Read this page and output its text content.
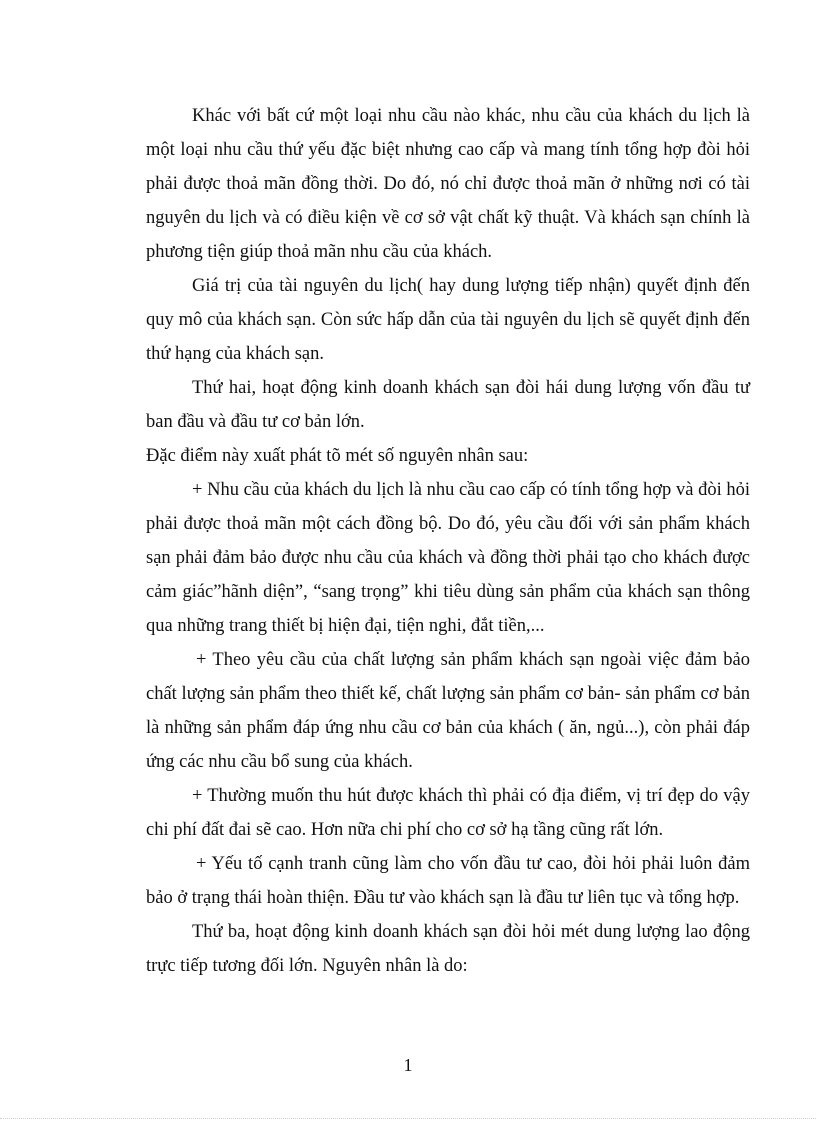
Khác với bất cứ một loại nhu cầu nào khác, nhu cầu của khách du lịch là một loại nhu cầu thứ yếu đặc biệt nhưng cao cấp và mang tính tổng hợp đòi hỏi phải được thoả mãn đồng thời. Do đó, nó chỉ được thoả mãn ở những nơi có tài nguyên du lịch và có điều kiện về cơ sở vật chất kỹ thuật. Và khách sạn chính là phương tiện giúp thoả mãn nhu cầu của khách.

Giá trị của tài nguyên du lịch( hay dung lượng tiếp nhận) quyết định đến quy mô của khách sạn. Còn sức hấp dẫn của tài nguyên du lịch sẽ quyết định đến thứ hạng của khách sạn.

Thứ hai, hoạt động kinh doanh khách sạn đòi hái dung lượng vốn đầu tư ban đầu và đầu tư cơ bản lớn.

Đặc điểm này xuất phát tõ mét số nguyên nhân sau:

+ Nhu cầu của khách du lịch là nhu cầu cao cấp có tính tổng hợp và đòi hỏi phải được thoả mãn một cách đồng bộ. Do đó, yêu cầu đối với sản phẩm khách sạn phải đảm bảo được nhu cầu của khách và đồng thời phải tạo cho khách được cảm giác”hãnh diện”, “sang trọng” khi tiêu dùng sản phẩm của khách sạn thông qua những trang thiết bị hiện đại, tiện nghi, đắt tiền,...

+ Theo yêu cầu của chất lượng sản phẩm khách sạn ngoài việc đảm bảo chất lượng sản phẩm theo thiết kế, chất lượng sản phẩm cơ bản- sản phẩm cơ bản là những sản phẩm đáp ứng nhu cầu cơ bản của khách ( ăn, ngủ...), còn phải đáp ứng các nhu cầu bổ sung của khách.

+ Thường muốn thu hút được khách thì phải có địa điểm, vị trí đẹp do vậy chi phí đất đai sẽ cao. Hơn nữa chi phí cho cơ sở hạ tầng cũng rất lớn.

+ Yếu tố cạnh tranh cũng làm cho vốn đầu tư cao, đòi hỏi phải luôn đảm bảo ở trạng thái hoàn thiện. Đầu tư vào khách sạn là đầu tư liên tục và tổng hợp.

Thứ ba, hoạt động kinh doanh khách sạn đòi hỏi mét dung lượng lao động trực tiếp tương đối lớn. Nguyên nhân là do:

1
